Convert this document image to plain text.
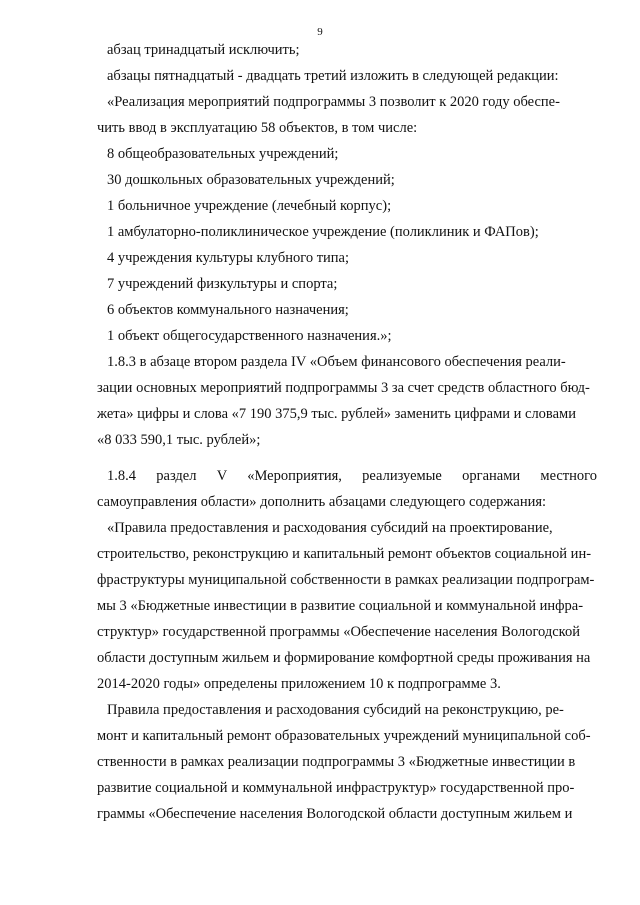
9
абзац тринадцатый исключить;
абзацы пятнадцатый - двадцать третий изложить в следующей редакции:
«Реализация мероприятий подпрограммы 3 позволит к 2020 году обеспе-
чить ввод в эксплуатацию 58 объектов, в том числе:
8 общеобразовательных учреждений;
30 дошкольных образовательных учреждений;
1 больничное учреждение (лечебный корпус);
1 амбулаторно-поликлиническое учреждение (поликлиник и ФАПов);
4 учреждения культуры клубного типа;
7 учреждений физкультуры и спорта;
6 объектов коммунального назначения;
1 объект общегосударственного назначения.»;
1.8.3 в абзаце втором раздела IV «Объем финансового обеспечения реали-
зации основных мероприятий подпрограммы 3 за счет средств областного бюд-
жета» цифры и слова «7 190 375,9 тыс. рублей» заменить цифрами и словами
«8 033 590,1 тыс. рублей»;
1.8.4 раздел V «Мероприятия, реализуемые органами местного
самоуправления области» дополнить абзацами следующего содержания:
«Правила предоставления и расходования субсидий на проектирование,
строительство, реконструкцию и капитальный ремонт объектов социальной ин-
фраструктуры муниципальной собственности в рамках реализации подпрограм-
мы 3 «Бюджетные инвестиции в развитие социальной и коммунальной инфра-
структур» государственной программы «Обеспечение населения Вологодской
области доступным жильем и формирование комфортной среды проживания на
2014-2020 годы» определены приложением 10 к подпрограмме 3.
Правила предоставления и расходования субсидий на реконструкцию, ре-
монт и капитальный ремонт образовательных учреждений муниципальной соб-
ственности в рамках реализации подпрограммы 3 «Бюджетные инвестиции в
развитие социальной и коммунальной инфраструктур» государственной про-
граммы «Обеспечение населения Вологодской области доступным жильем и
